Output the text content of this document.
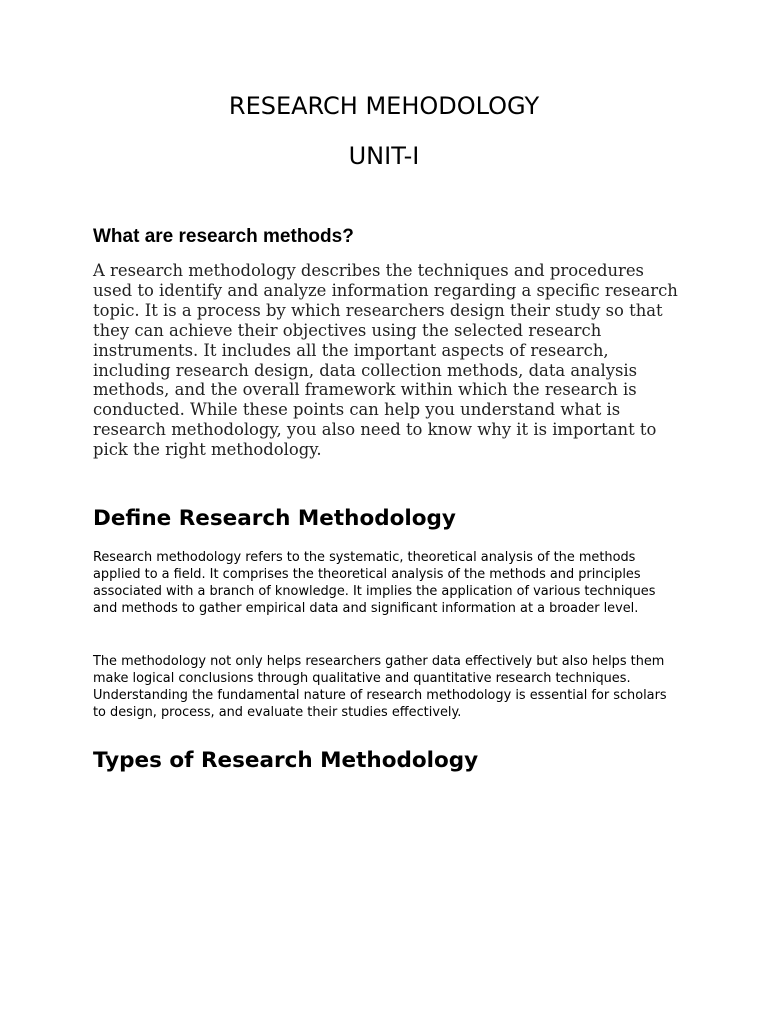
RESEARCH MEHODOLOGY
UNIT-I
What are research methods?

A research methodology describes the techniques and procedures used to identify and analyze information regarding a specific research topic. It is a process by which researchers design their study so that they can achieve their objectives using the selected research instruments. It includes all the important aspects of research, including research design, data collection methods, data analysis methods, and the overall framework within which the research is conducted. While these points can help you understand what is research methodology, you also need to know why it is important to pick the right methodology.

Define Research Methodology

Research methodology refers to the systematic, theoretical analysis of the methods applied to a field. It comprises the theoretical analysis of the methods and principles associated with a branch of knowledge. It implies the application of various techniques and methods to gather empirical data and significant information at a broader level.

The methodology not only helps researchers gather data effectively but also helps them make logical conclusions through qualitative and quantitative research techniques. Understanding the fundamental nature of research methodology is essential for scholars to design, process, and evaluate their studies effectively.

Types of Research Methodology
